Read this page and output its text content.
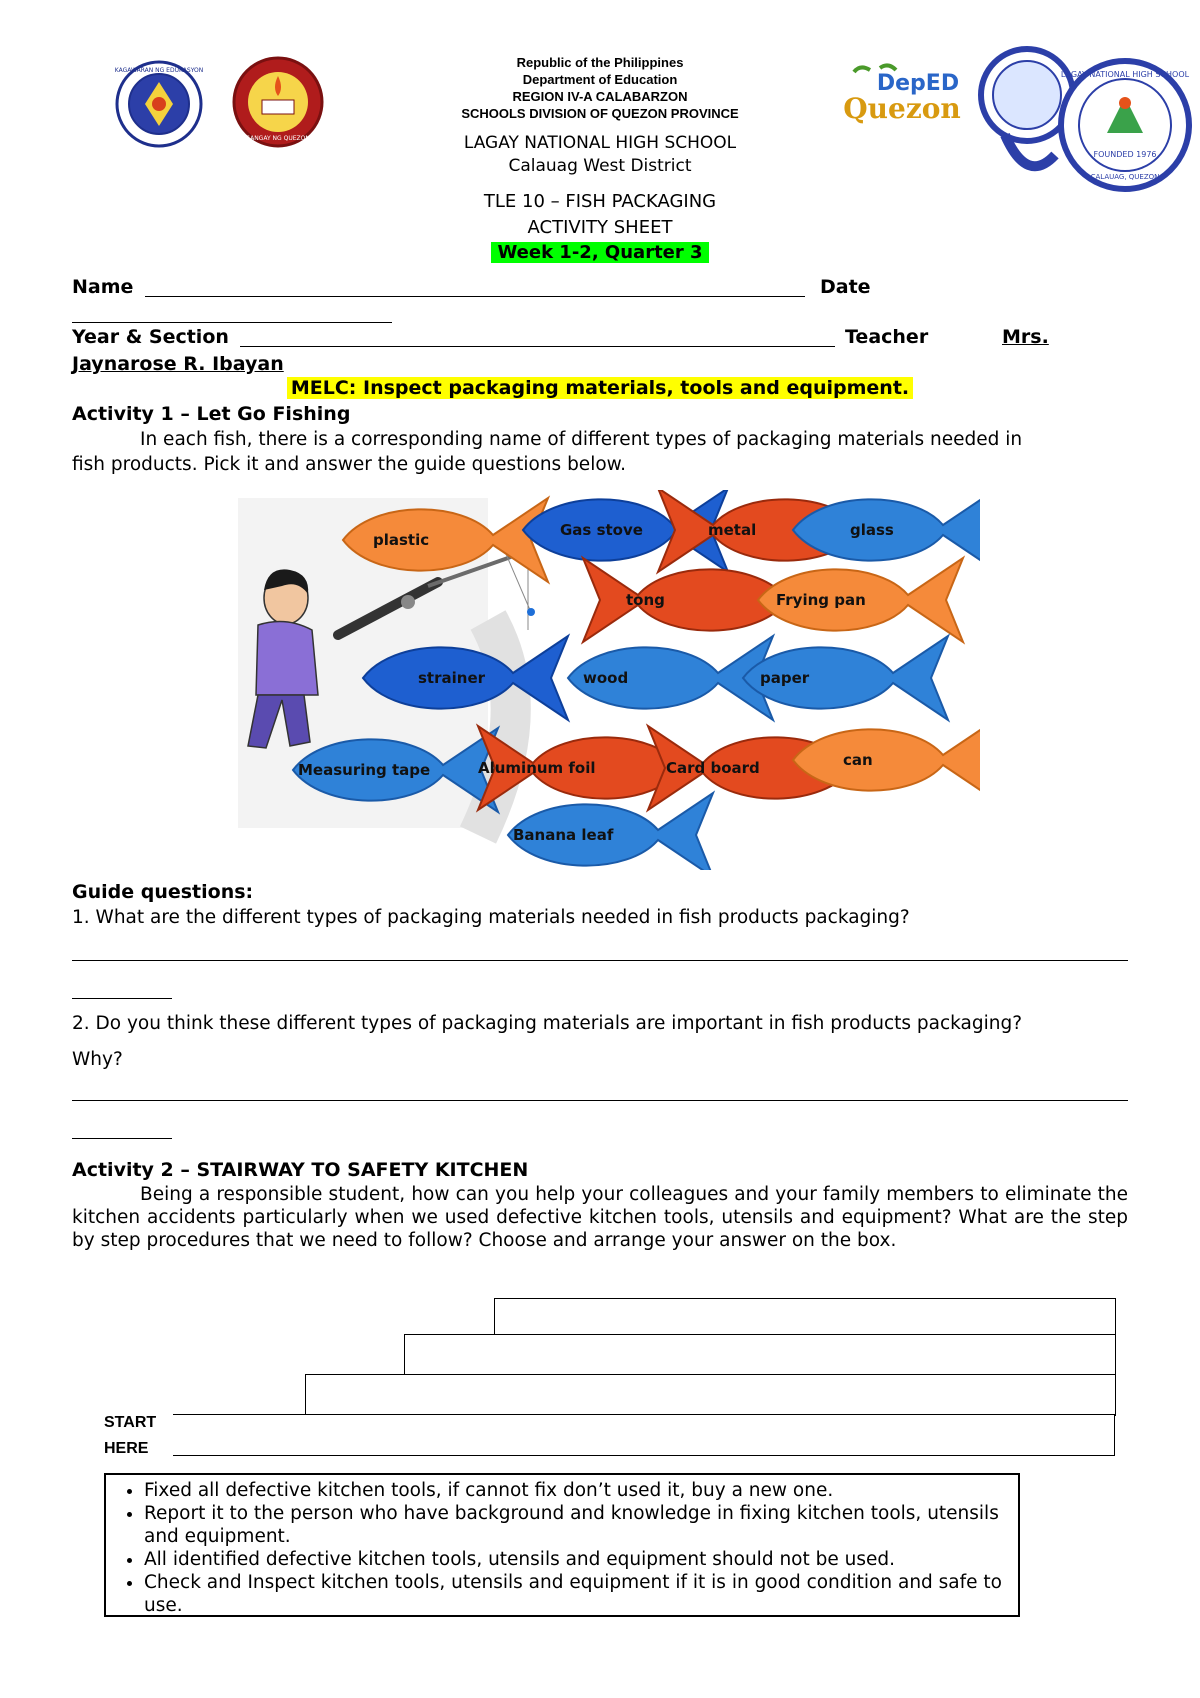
KAGAWARAN NG EDUKASYON
SANGAY NG QUEZON
DepED
Quezon
LAGAY NATIONAL HIGH SCHOOL
FOUNDED 1976
CALAUAG, QUEZON
Republic of the Philippines
Department of Education
REGION IV-A CALABARZON
SCHOOLS DIVISION OF QUEZON PROVINCE
LAGAY NATIONAL HIGH SCHOOL
Calauag West District
TLE 10 – FISH PACKAGING
ACTIVITY SHEET
Week 1-2, Quarter 3
Name	Date
Year & Section	Teacher	Mrs.
Jaynarose R. Ibayan
MELC: Inspect packaging materials, tools and equipment.
Activity 1 – Let Go Fishing
In each fish, there is a corresponding name of different types of packaging materials needed in
fish products. Pick it and answer the guide questions below.
plastic
Gas stove	metal	glass
tong	Frying pan
strainer	wood	paper
Measuring tape	Aluminum foil	Card board	can
Banana leaf
Guide questions:
1. What are the different types of packaging materials needed in fish products packaging?
2. Do you think these different types of packaging materials are important in fish products packaging?
Why?
Activity 2 – STAIRWAY TO SAFETY KITCHEN
Being a responsible student, how can you help your colleagues and your family members to eliminate the kitchen accidents particularly when we used defective kitchen tools, utensils and equipment? What are the step by step procedures that we need to follow? Choose and arrange your answer on the box.
START
HERE
• Fixed all defective kitchen tools, if cannot fix don’t used it, buy a new one.
• Report it to the person who have background and knowledge in fixing kitchen tools, utensils and equipment.
• All identified defective kitchen tools, utensils and equipment should not be used.
• Check and Inspect kitchen tools, utensils and equipment if it is in good condition and safe to use.
